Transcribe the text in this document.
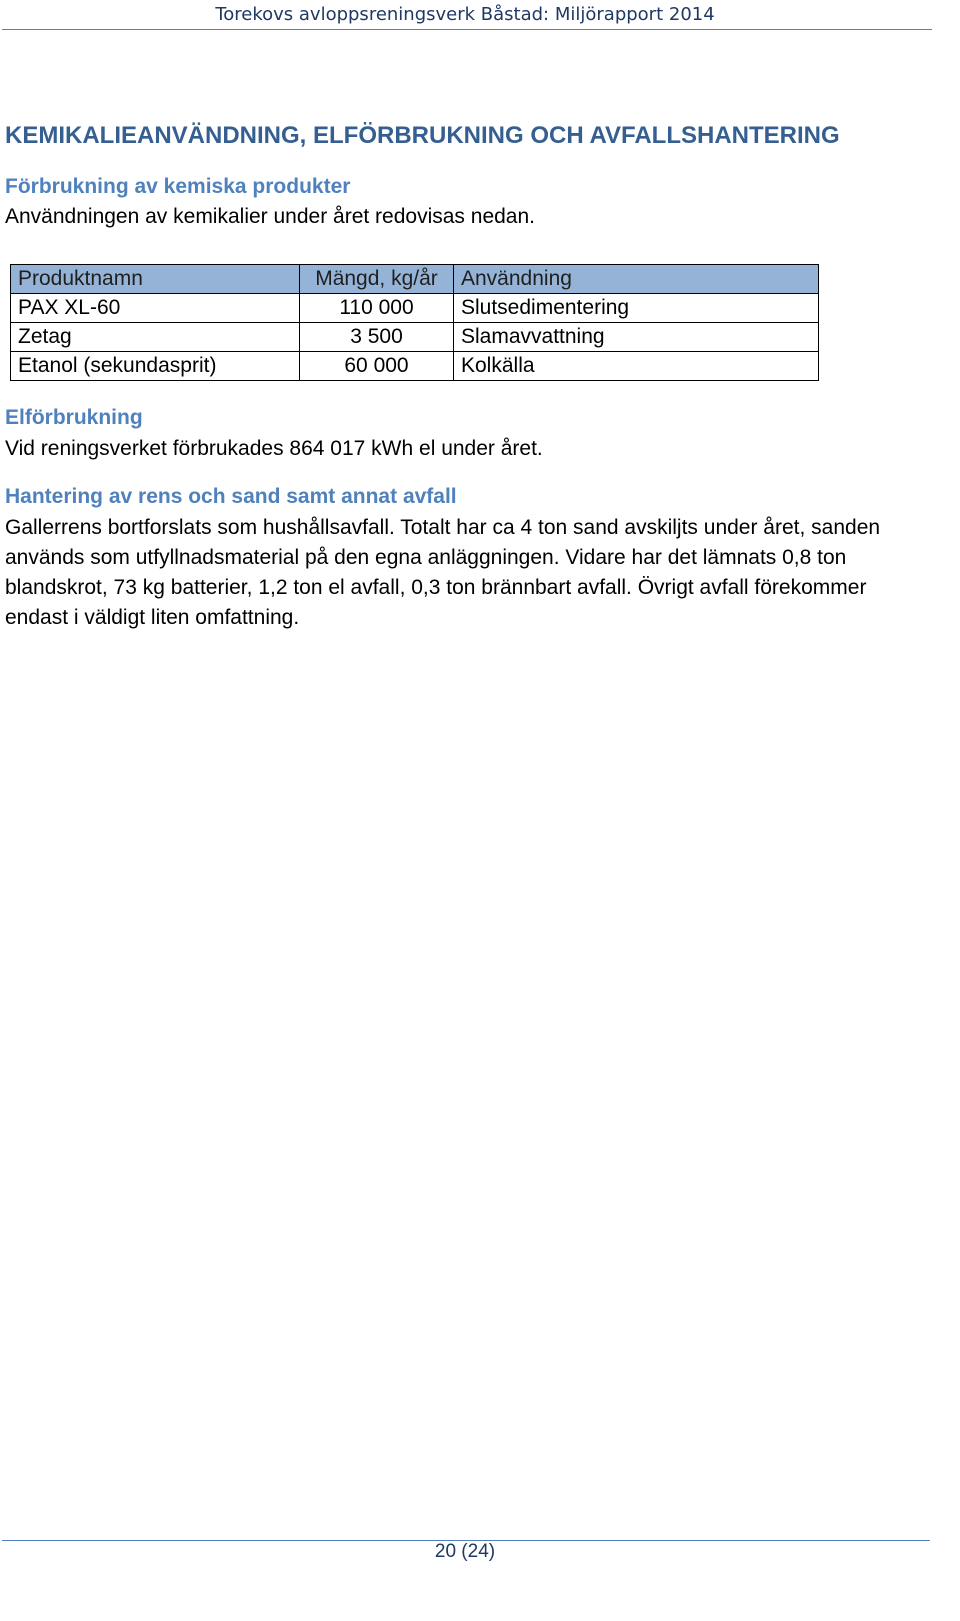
Torekovs avloppsreningsverk Båstad: Miljörapport 2014
KEMIKALIEANVÄNDNING, ELFÖRBRUKNING OCH AVFALLSHANTERING
Förbrukning av kemiska produkter
Användningen av kemikalier under året redovisas nedan.
Produktnamn	Mängd, kg/år	Användning
PAX XL-60	110 000	Slutsedimentering
Zetag	3 500	Slamavvattning
Etanol (sekundasprit)	60 000	Kolkälla
Elförbrukning
Vid reningsverket förbrukades 864 017 kWh el under året.
Hantering av rens och sand samt annat avfall
Gallerrens bortforslats som hushållsavfall. Totalt har ca 4 ton sand avskiljts under året, sanden används som utfyllnadsmaterial på den egna anläggningen. Vidare har det lämnats 0,8 ton blandskrot, 73 kg batterier, 1,2 ton el avfall, 0,3 ton brännbart avfall. Övrigt avfall förekommer endast i väldigt liten omfattning.
20 (24)
